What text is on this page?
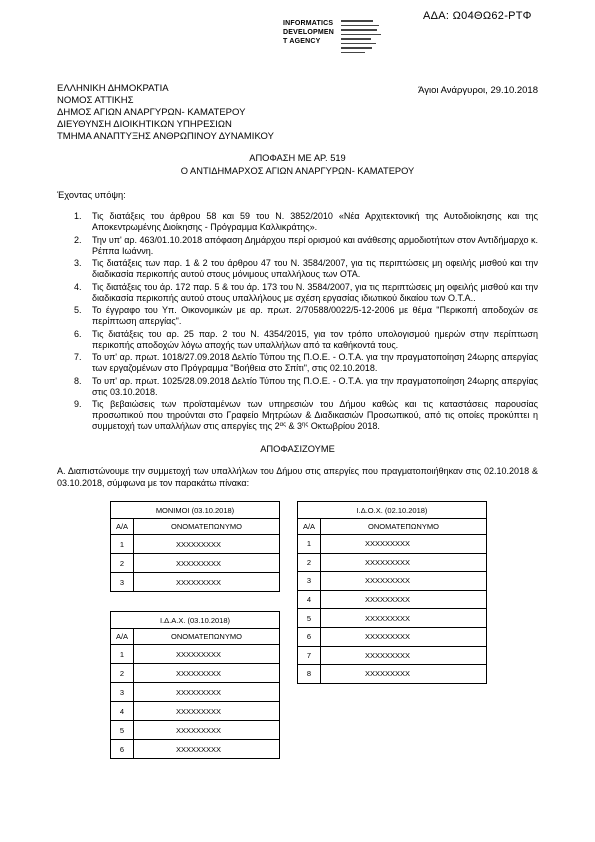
ΑΔΑ: Ω04ΘΩ62-ΡΤΦ
INFORMATICS
DEVELOPMEN
T AGENCY
Άγιοι Ανάργυροι, 29.10.2018
ΕΛΛΗΝΙΚΗ ΔΗΜΟΚΡΑΤΙΑ
ΝΟΜΟΣ ΑΤΤΙΚΗΣ
ΔΗΜΟΣ ΑΓΙΩΝ ΑΝΑΡΓΥΡΩΝ- ΚΑΜΑΤΕΡΟΥ
ΔΙΕΥΘΥΝΣΗ ΔΙΟΙΚΗΤΙΚΩΝ ΥΠΗΡΕΣΙΩΝ
ΤΜΗΜΑ ΑΝΑΠΤΥΞΗΣ ΑΝΘΡΩΠΙΝΟΥ ΔΥΝΑΜΙΚΟΥ
ΑΠΟΦΑΣΗ ΜΕ ΑΡ. 519
Ο ΑΝΤΙΔΗΜΑΡΧΟΣ ΑΓΙΩΝ ΑΝΑΡΓΥΡΩΝ- ΚΑΜΑΤΕΡΟΥ
Έχοντας υπόψη:
1. Τις διατάξεις του άρθρου 58 και 59 του Ν. 3852/2010 «Νέα Αρχιτεκτονική της Αυτοδιοίκησης και της Αποκεντρωμένης Διοίκησης - Πρόγραμμα Καλλικράτης».
2. Την υπ' αρ. 463/01.10.2018 απόφαση Δημάρχου περί ορισμού και ανάθεσης αρμοδιοτήτων στον Αντιδήμαρχο κ. Ρέππα Ιωάννη.
3. Τις διατάξεις των παρ. 1 & 2 του άρθρου 47 του Ν. 3584/2007, για τις περιπτώσεις μη οφειλής μισθού και την διαδικασία περικοπής αυτού στους μόνιμους υπαλλήλους των ΟΤΑ.
4. Τις διατάξεις του άρ. 172 παρ. 5 & του άρ. 173 του Ν. 3584/2007, για τις περιπτώσεις μη οφειλής μισθού και την διαδικασία περικοπής αυτού στους υπαλλήλους με σχέση εργασίας ιδιωτικού δικαίου των Ο.Τ.Α..
5. Το έγγραφο του Υπ. Οικονομικών με αρ. πρωτ. 2/70588/0022/5-12-2006 με θέμα "Περικοπή αποδοχών σε περίπτωση απεργίας".
6. Τις διατάξεις του αρ. 25 παρ. 2 του Ν. 4354/2015, για τον τρόπο υπολογισμού ημερών στην περίπτωση περικοπής αποδοχών λόγω αποχής των υπαλλήλων από τα καθήκοντά τους.
7. Το υπ' αρ. πρωτ. 1018/27.09.2018 Δελτίο Τύπου της Π.Ο.Ε. - Ο.Τ.Α. για την πραγματοποίηση 24ωρης απεργίας των εργαζομένων στο Πρόγραμμα "Βοήθεια στο Σπίτι", στις 02.10.2018.
8. Το υπ' αρ. πρωτ. 1025/28.09.2018 Δελτίο Τύπου της Π.Ο.Ε. - Ο.Τ.Α. για την πραγματοποίηση 24ωρης απεργίας στις 03.10.2018.
9. Τις βεβαιώσεις των προϊσταμένων των υπηρεσιών του Δήμου καθώς και τις καταστάσεις παρουσίας προσωπικού που τηρούνται στο Γραφείο Μητρώων & Διαδικασιών Προσωπικού, από τις οποίες προκύπτει η συμμετοχή των υπαλλήλων στις απεργίες της $2^{\alpha\varsigma}$ & $3^{\eta\varsigma}$ Οκτωβρίου 2018.
ΑΠΟΦΑΣΙΖΟΥΜΕ
Α. Διαπιστώνουμε την συμμετοχή των υπαλλήλων του Δήμου στις απεργίες που πραγματοποιήθηκαν στις 02.10.2018 & 03.10.2018, σύμφωνα με τον παρακάτω πίνακα:
ΜΟΝΙΜΟΙ (03.10.2018)	
Α/Α	ΟΝΟΜΑΤΕΠΩΝΥΜΟ
1	XXXXXXXXX
2	XXXXXXXXX
3	XXXXXXXXX
Ι.Δ.Ο.Χ. (02.10.2018)	
Α/Α	ΟΝΟΜΑΤΕΠΩΝΥΜΟ
1	XXXXXXXXX
2	XXXXXXXXX
3	XXXXXXXXX
4	XXXXXXXXX
5	XXXXXXXXX
6	XXXXXXXXX
7	XXXXXXXXX
8	XXXXXXXXX
Ι.Δ.Α.Χ. (03.10.2018)	
Α/Α	ΟΝΟΜΑΤΕΠΩΝΥΜΟ
1	XXXXXXXXX
2	XXXXXXXXX
3	XXXXXXXXX
4	XXXXXXXXX
5	XXXXXXXXX
6	XXXXXXXXX
